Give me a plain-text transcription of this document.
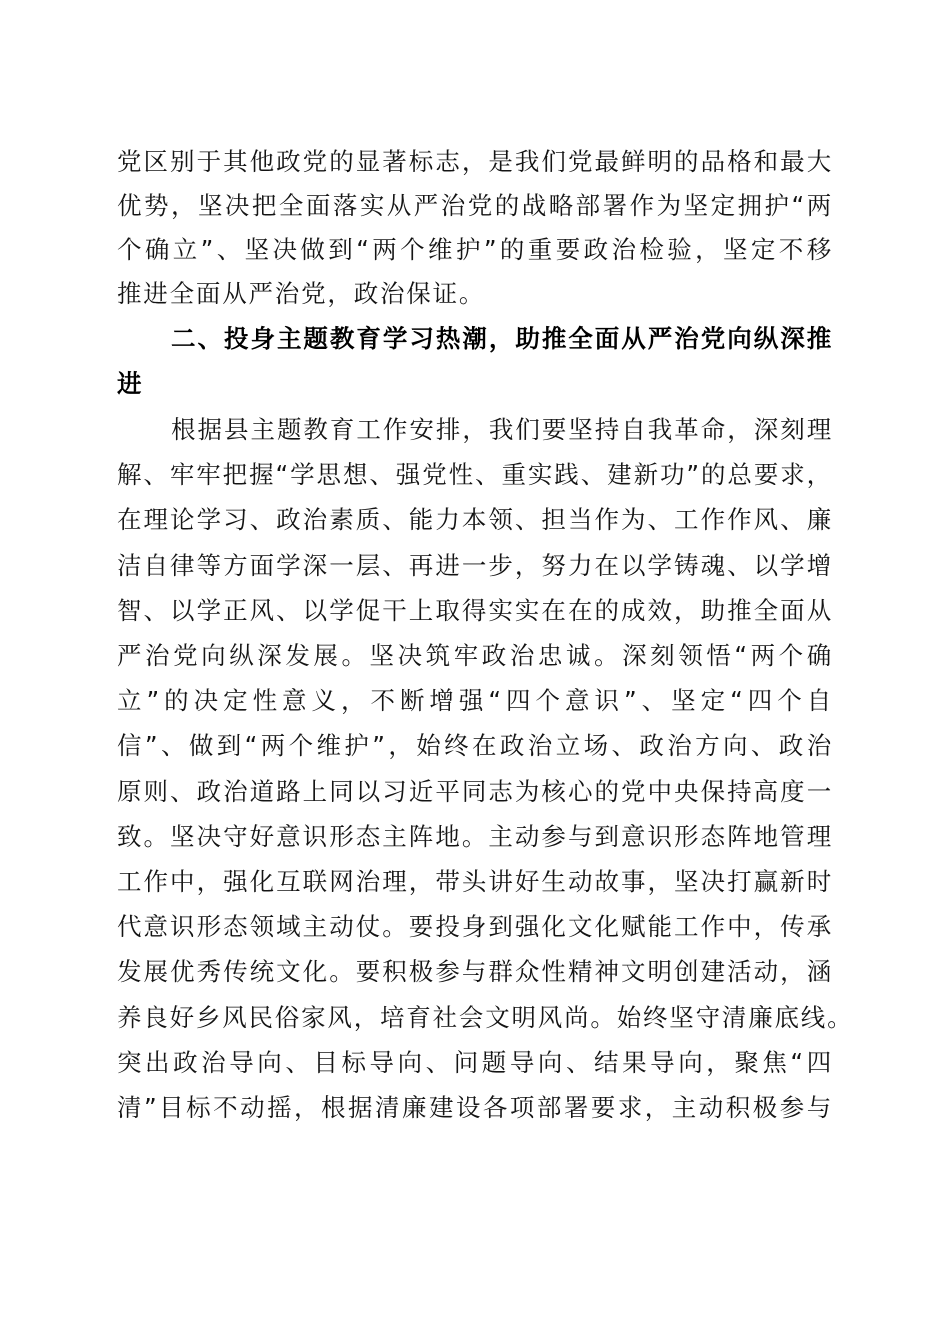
党区别于其他政党的显著标志，是我们党最鲜明的品格和最大

优势，坚决把全面落实从严治党的战略部署作为坚定拥护“两

个确立”、坚决做到“两个维护”的重要政治检验，坚定不移

推进全面从严治党，政治保证。

二、投身主题教育学习热潮，助推全面从严治党向纵深推

进

根据县主题教育工作安排，我们要坚持自我革命，深刻理

解、牢牢把握“学思想、强党性、重实践、建新功”的总要求，

在理论学习、政治素质、能力本领、担当作为、工作作风、廉

洁自律等方面学深一层、再进一步，努力在以学铸魂、以学增

智、以学正风、以学促干上取得实实在在的成效，助推全面从

严治党向纵深发展。坚决筑牢政治忠诚。深刻领悟“两个确

立”的决定性意义，不断增强“四个意识”、坚定“四个自

信”、做到“两个维护”，始终在政治立场、政治方向、政治

原则、政治道路上同以习近平同志为核心的党中央保持高度一

致。坚决守好意识形态主阵地。主动参与到意识形态阵地管理

工作中，强化互联网治理，带头讲好生动故事，坚决打赢新时

代意识形态领域主动仗。要投身到强化文化赋能工作中，传承

发展优秀传统文化。要积极参与群众性精神文明创建活动，涵

养良好乡风民俗家风，培育社会文明风尚。始终坚守清廉底线。

突出政治导向、目标导向、问题导向、结果导向，聚焦“四

清”目标不动摇，根据清廉建设各项部署要求，主动积极参与
